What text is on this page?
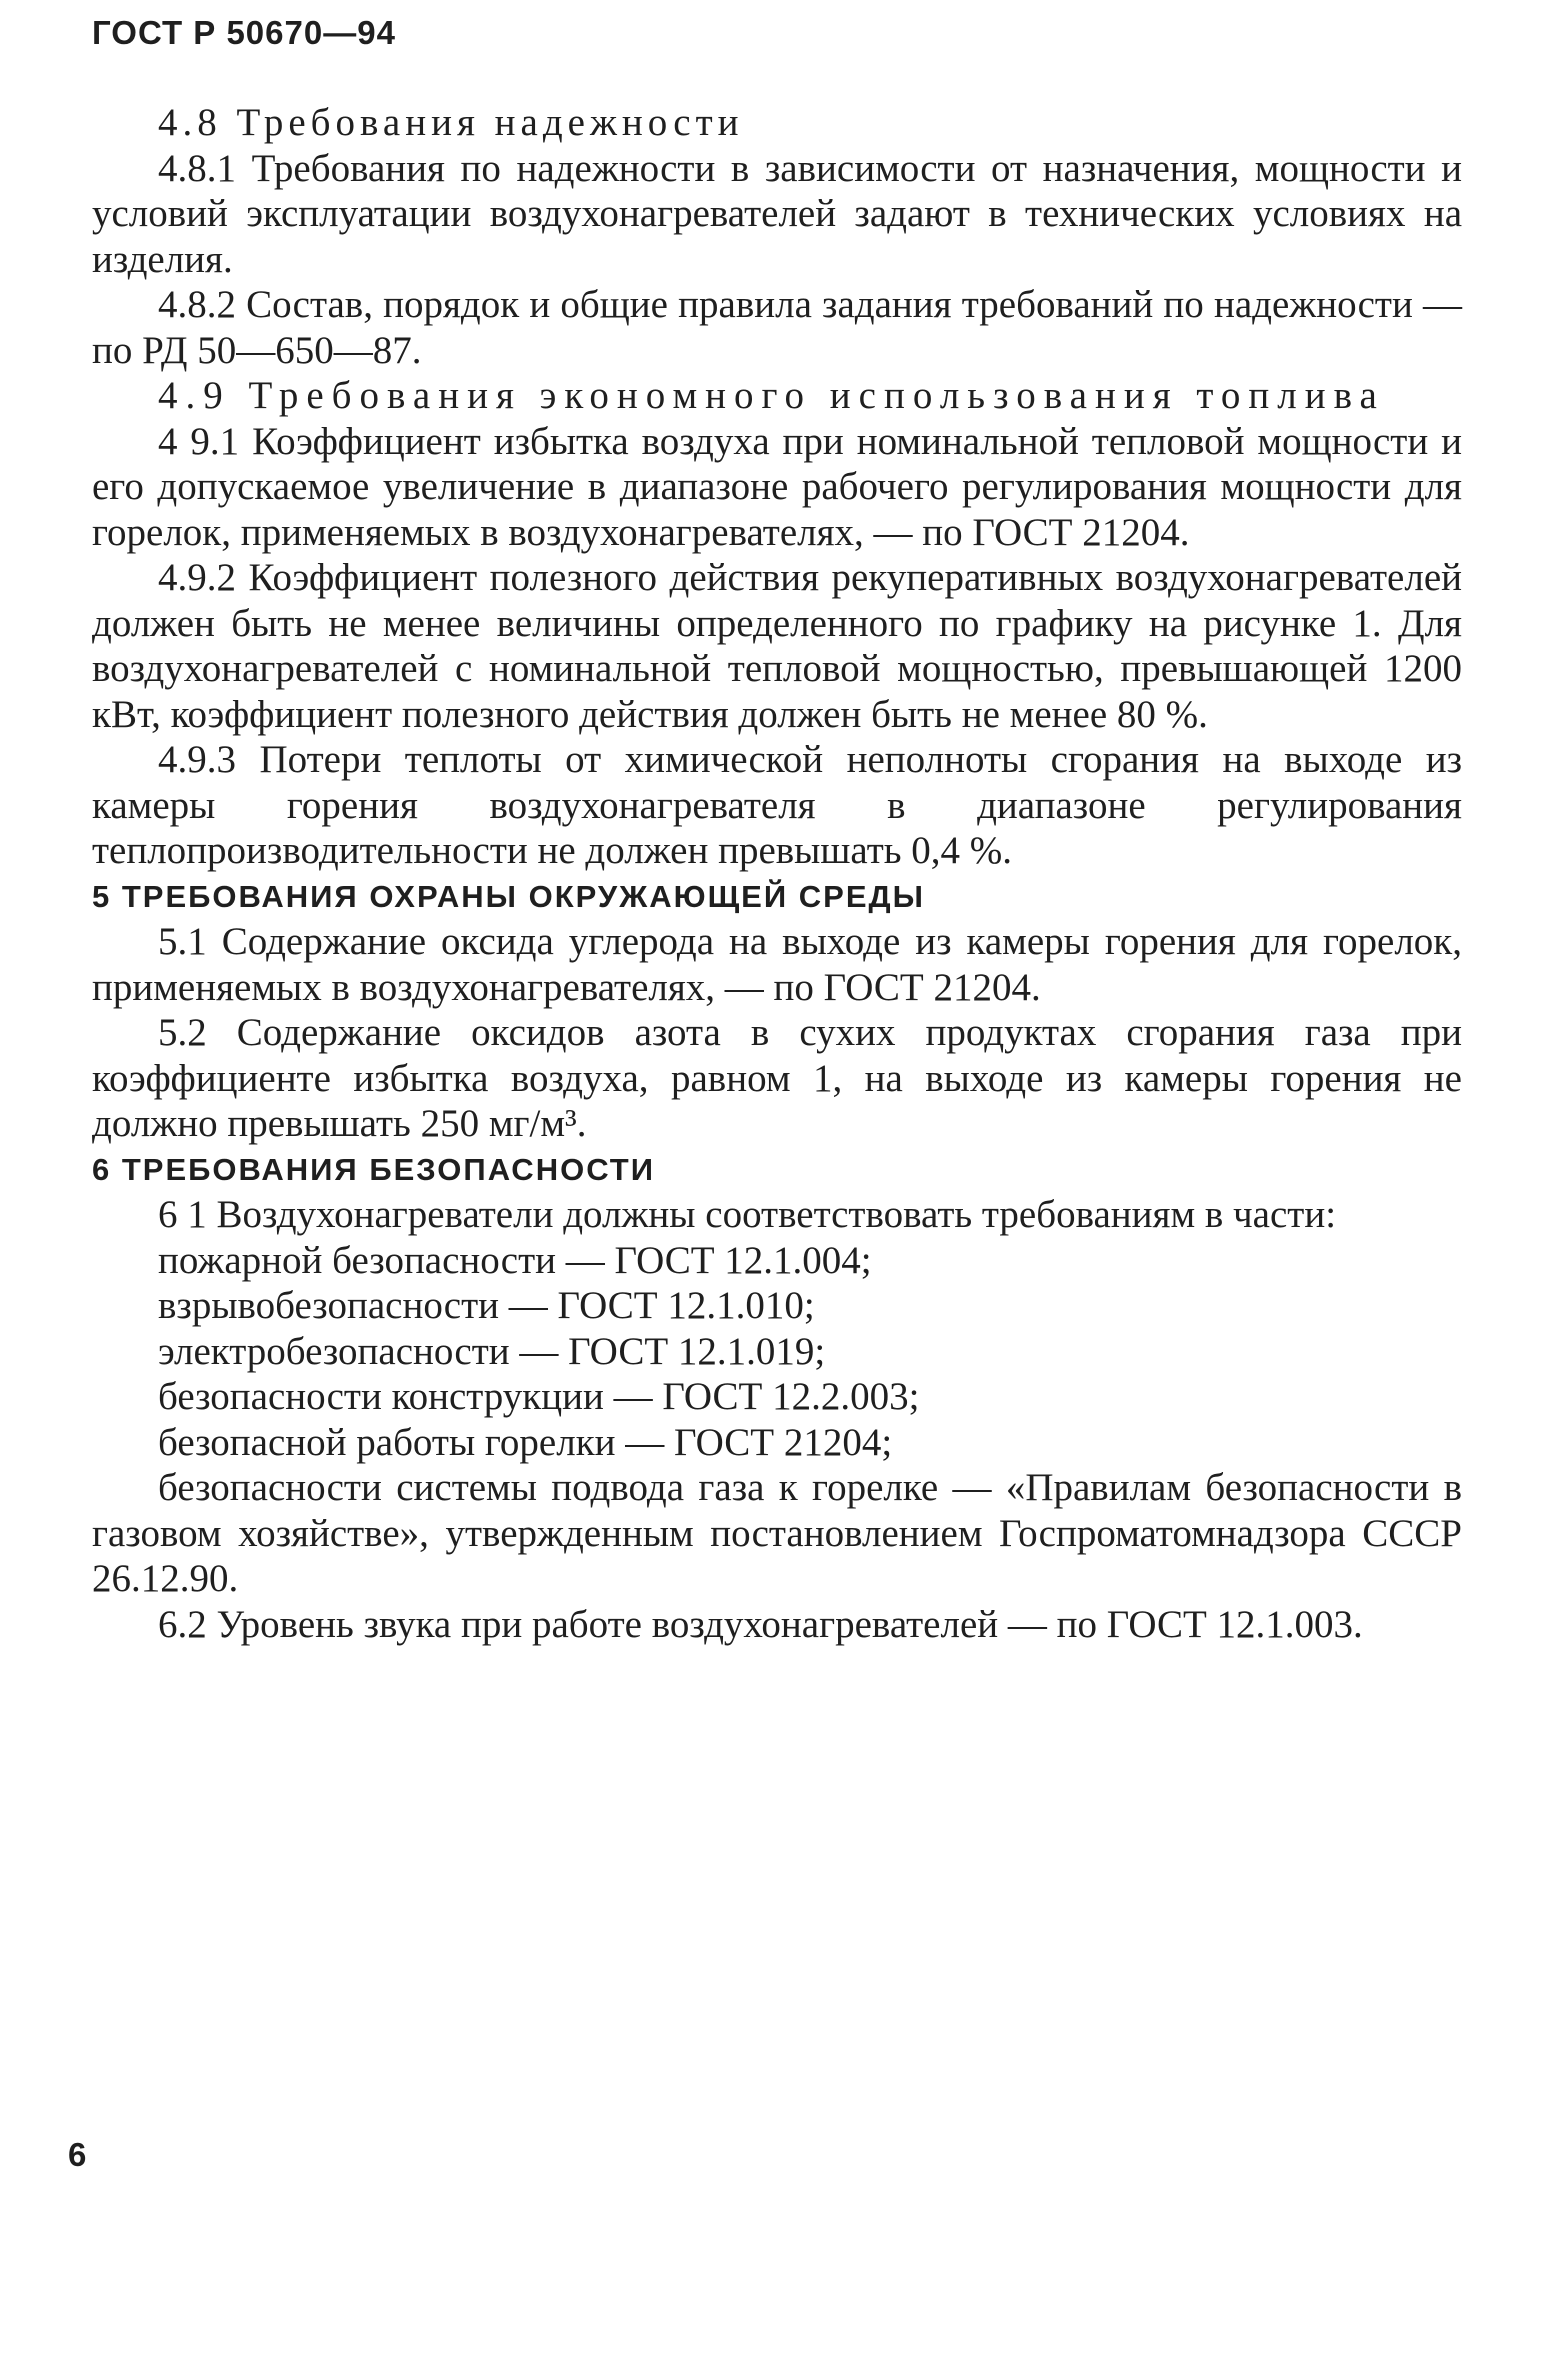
ГОСТ Р 50670—94

4.8 Требования надежности

4.8.1 Требования по надежности в зависимости от назначения, мощности и условий эксплуатации воздухонагревателей задают в технических условиях на изделия.

4.8.2 Состав, порядок и общие правила задания требований по надежности — по РД 50—650—87.

4.9 Требования экономного использования топлива

4 9.1 Коэффициент избытка воздуха при номинальной тепловой мощности и его допускаемое увеличение в диапазоне рабочего регулирования мощности для горелок, применяемых в воздухонагревателях, — по ГОСТ 21204.

4.9.2 Коэффициент полезного действия рекуперативных воздухонагревателей должен быть не менее величины определенного по графику на рисунке 1. Для воздухонагревателей с номинальной тепловой мощностью, превышающей 1200 кВт, коэффициент полезного действия должен быть не менее 80 %.

4.9.3 Потери теплоты от химической неполноты сгорания на выходе из камеры горения воздухонагревателя в диапазоне регулирования теплопроизводительности не должен превышать 0,4 %.

5 ТРЕБОВАНИЯ ОХРАНЫ ОКРУЖАЮЩЕЙ СРЕДЫ

5.1 Содержание оксида углерода на выходе из камеры горения для горелок, применяемых в воздухонагревателях, — по ГОСТ 21204.

5.2 Содержание оксидов азота в сухих продуктах сгорания газа при коэффициенте избытка воздуха, равном 1, на выходе из камеры горения не должно превышать 250 мг/м³.

6 ТРЕБОВАНИЯ БЕЗОПАСНОСТИ

6 1 Воздухонагреватели должны соответствовать требованиям в части:

пожарной безопасности — ГОСТ 12.1.004;

взрывобезопасности — ГОСТ 12.1.010;

электробезопасности — ГОСТ 12.1.019;

безопасности конструкции — ГОСТ 12.2.003;

безопасной работы горелки — ГОСТ 21204;

безопасности системы подвода газа к горелке — «Правилам безопасности в газовом хозяйстве», утвержденным постановлением Госпроматомнадзора СССР 26.12.90.

6.2 Уровень звука при работе воздухонагревателей — по ГОСТ 12.1.003.

6
